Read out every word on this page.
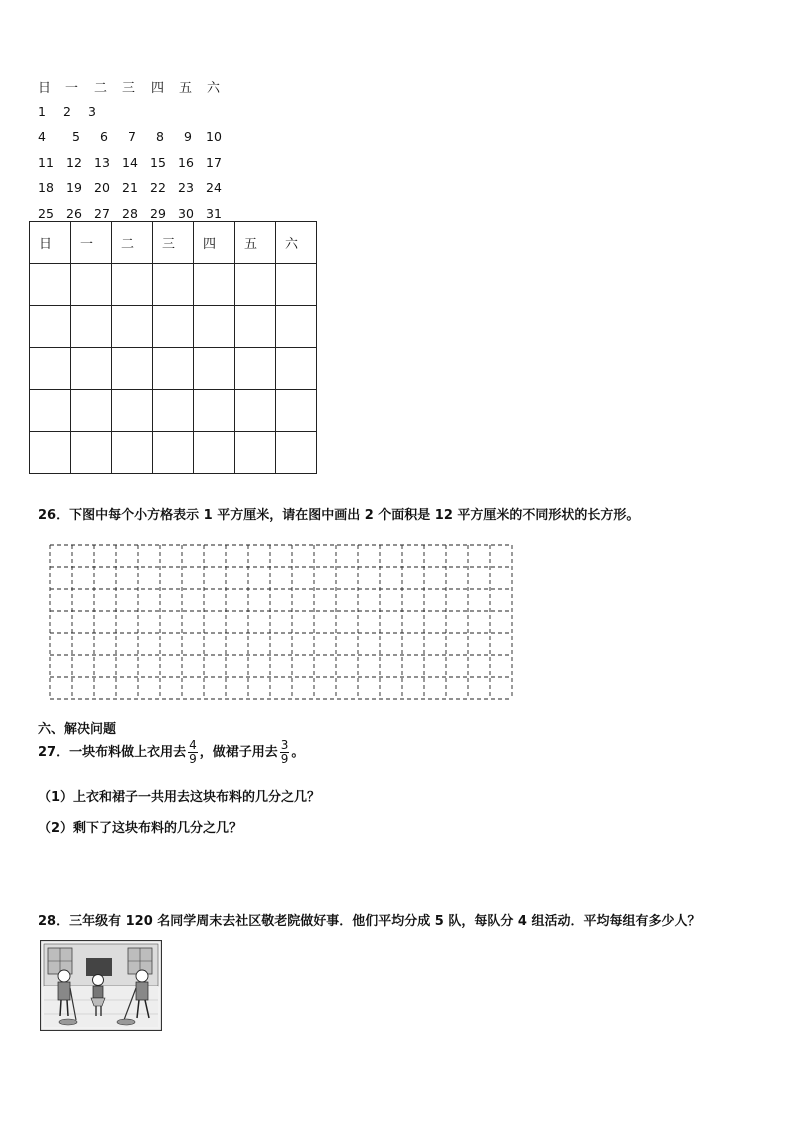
日 一 二 三 四 五 六
1 2 3
4 5 6 7 8 9 10
11 12 13 14 15 16 17
18 19 20 21 22 23 24
25 26 27 28 29 30 31
日	一	二	三	四	五	六

26．下图中每个小方格表示 1 平方厘米，请在图中画出 2 个面积是 12 平方厘米的不同形状的长方形。
六、解决问题
27．一块布料做上衣用去 $\frac{4}{9}$ ，做裙子用去 $\frac{3}{9}$ 。
（1）上衣和裙子一共用去这块布料的几分之几？
（2）剩下了这块布料的几分之几？
28．三年级有 120 名同学周末去社区敬老院做好事．他们平均分成 5 队，每队分 4 组活动．平均每组有多少人？
